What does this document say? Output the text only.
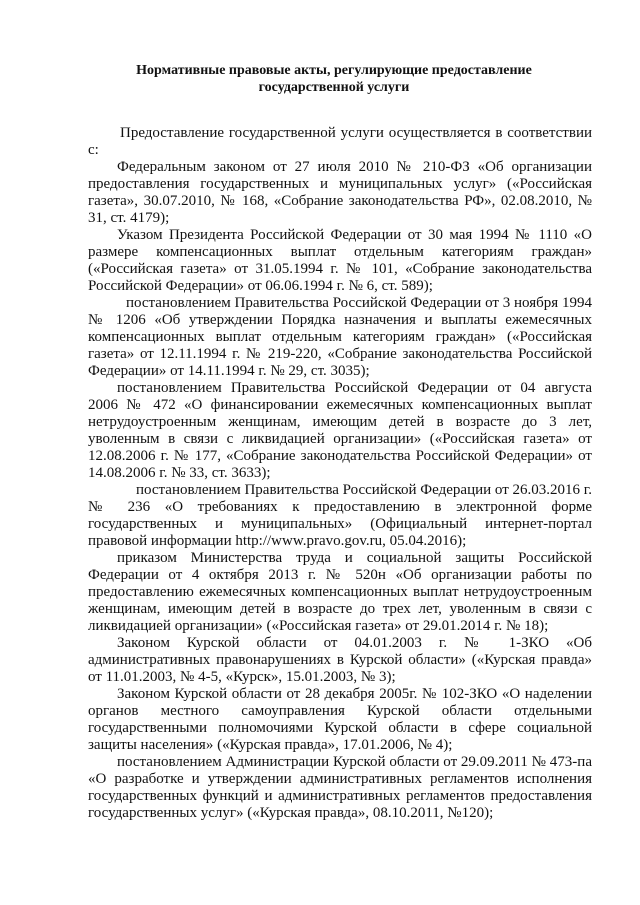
Нормативные правовые акты, регулирующие предоставление
государственной услуги

Предоставление государственной услуги осуществляется в соответствии с:

Федеральным законом от 27 июля 2010 № 210-ФЗ «Об организации предоставления государственных и муниципальных услуг» («Российская газета», 30.07.2010, № 168, «Собрание законодательства РФ», 02.08.2010, № 31, ст. 4179);

Указом Президента Российской Федерации от 30 мая 1994 № 1110 «О размере компенсационных выплат отдельным категориям граждан» («Российская газета» от 31.05.1994 г. № 101, «Собрание законодательства Российской Федерации» от 06.06.1994 г. № 6, ст. 589);

постановлением Правительства Российской Федерации от 3 ноября 1994 № 1206 «Об утверждении Порядка назначения и выплаты ежемесячных компенсационных выплат отдельным категориям граждан» («Российская газета» от 12.11.1994 г. № 219-220, «Собрание законодательства Российской Федерации» от 14.11.1994 г. № 29, ст. 3035);

постановлением Правительства Российской Федерации от 04 августа 2006 № 472 «О финансировании ежемесячных компенсационных выплат нетрудоустроенным женщинам, имеющим детей в возрасте до 3 лет, уволенным в связи с ликвидацией организации» («Российская газета» от 12.08.2006 г. № 177, «Собрание законодательства Российской Федерации» от 14.08.2006 г. № 33, ст. 3633);

постановлением Правительства Российской Федерации от 26.03.2016 г. № 236 «О требованиях к предоставлению в электронной форме государственных и муниципальных» (Официальный интернет-портал правовой информации http://www.pravo.gov.ru, 05.04.2016);

приказом Министерства труда и социальной защиты Российской Федерации от 4 октября 2013 г. № 520н «Об организации работы по предоставлению ежемесячных компенсационных выплат нетрудоустроенным женщинам, имеющим детей в возрасте до трех лет, уволенным в связи с ликвидацией организации» («Российская газета» от 29.01.2014 г. № 18);

Законом Курской области от 04.01.2003 г. № 1-ЗКО «Об административных правонарушениях в Курской области» («Курская правда» от 11.01.2003, № 4-5, «Курск», 15.01.2003, № 3);

Законом Курской области от 28 декабря 2005г. № 102-ЗКО «О наделении органов местного самоуправления Курской области отдельными государственными полномочиями Курской области в сфере социальной защиты населения» («Курская правда», 17.01.2006, № 4);

постановлением Администрации Курской области от 29.09.2011 № 473-па «О разработке и утверждении административных регламентов исполнения государственных функций и административных регламентов предоставления государственных услуг» («Курская правда», 08.10.2011, №120);
